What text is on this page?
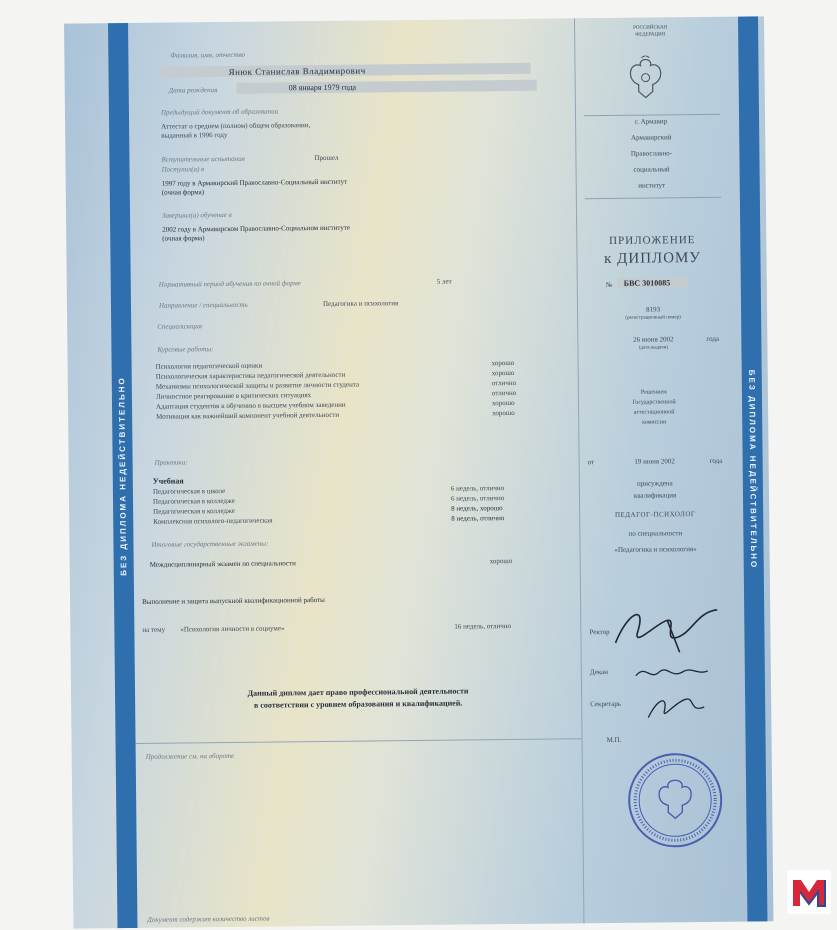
БЕЗ ДИПЛОМА НЕДЕЙСТВИТЕЛЬНО	БЕЗ ДИПЛОМА НЕДЕЙСТВИТЕЛЬНО
Фамилия, имя, отчество
Янюк Станислав Владимирович
Дата рождения	08 января 1979 года
Предыдущий документ об образовании
Аттестат о среднем (полном) общем образовании,
выданный в 1996 году
Вступительные испытания	Прошел
Поступил(а) в
1997 году в Армавирский Православно-Социальный институт
(очная форма)
Завершил(а) обучение в
2002 году в Армавирском Православно-Социальном институте
(очная форма)
Нормативный период обучения по очной форме	5 лет
Направление / специальность	Педагогика и психология
Специализация
Курсовые работы:
Психология педагогической оценки	хорошо
Психологическая характеристика педагогической деятельности	хорошо
Механизмы психологической защиты и развитие личности студента	отлично
Личностное реагирование в критических ситуациях	отлично
Адаптация студентов к обучению в высшем учебном заведении	хорошо
Мотивация как важнейший компонент учебной деятельности	хорошо
Практики:
Учебная
Педагогическая в школе	6 недель, отлично
Педагогическая в колледже	6 недель, отлично
Педагогическая в колледже	8 недель, хорошо
Комплексная психолого-педагогическая	8 недель, отлично
Итоговые государственные экзамены:
Междисциплинарный экзамен по специальности	хорошо
Выполнение и защита выпускной квалификационной работы
на тему «Психология личности в социуме»	16 недель, отлично
Данный диплом дает право профессиональной деятельности
в соответствии с уровнем образования и квалификацией.
Продолжение см. на обороте
Документ содержит количество листов
РОССИЙСКАЯ
ФЕДЕРАЦИЯ
г. Армавир
Армавирский
Православно-
социальный
институт
ПРИЛОЖЕНИЕ
к ДИПЛОМУ
№ БВС 3010085
8193
(регистрационный номер)
26 июня 2002	года
(дата выдачи)
Решением
Государственной
аттестационной
комиссии
от	19 июня 2002	года
присуждена
квалификация
ПЕДАГОГ-ПСИХОЛОГ
по специальности
«Педагогика и психология»
Ректор
Декан
Секретарь
М.П.
